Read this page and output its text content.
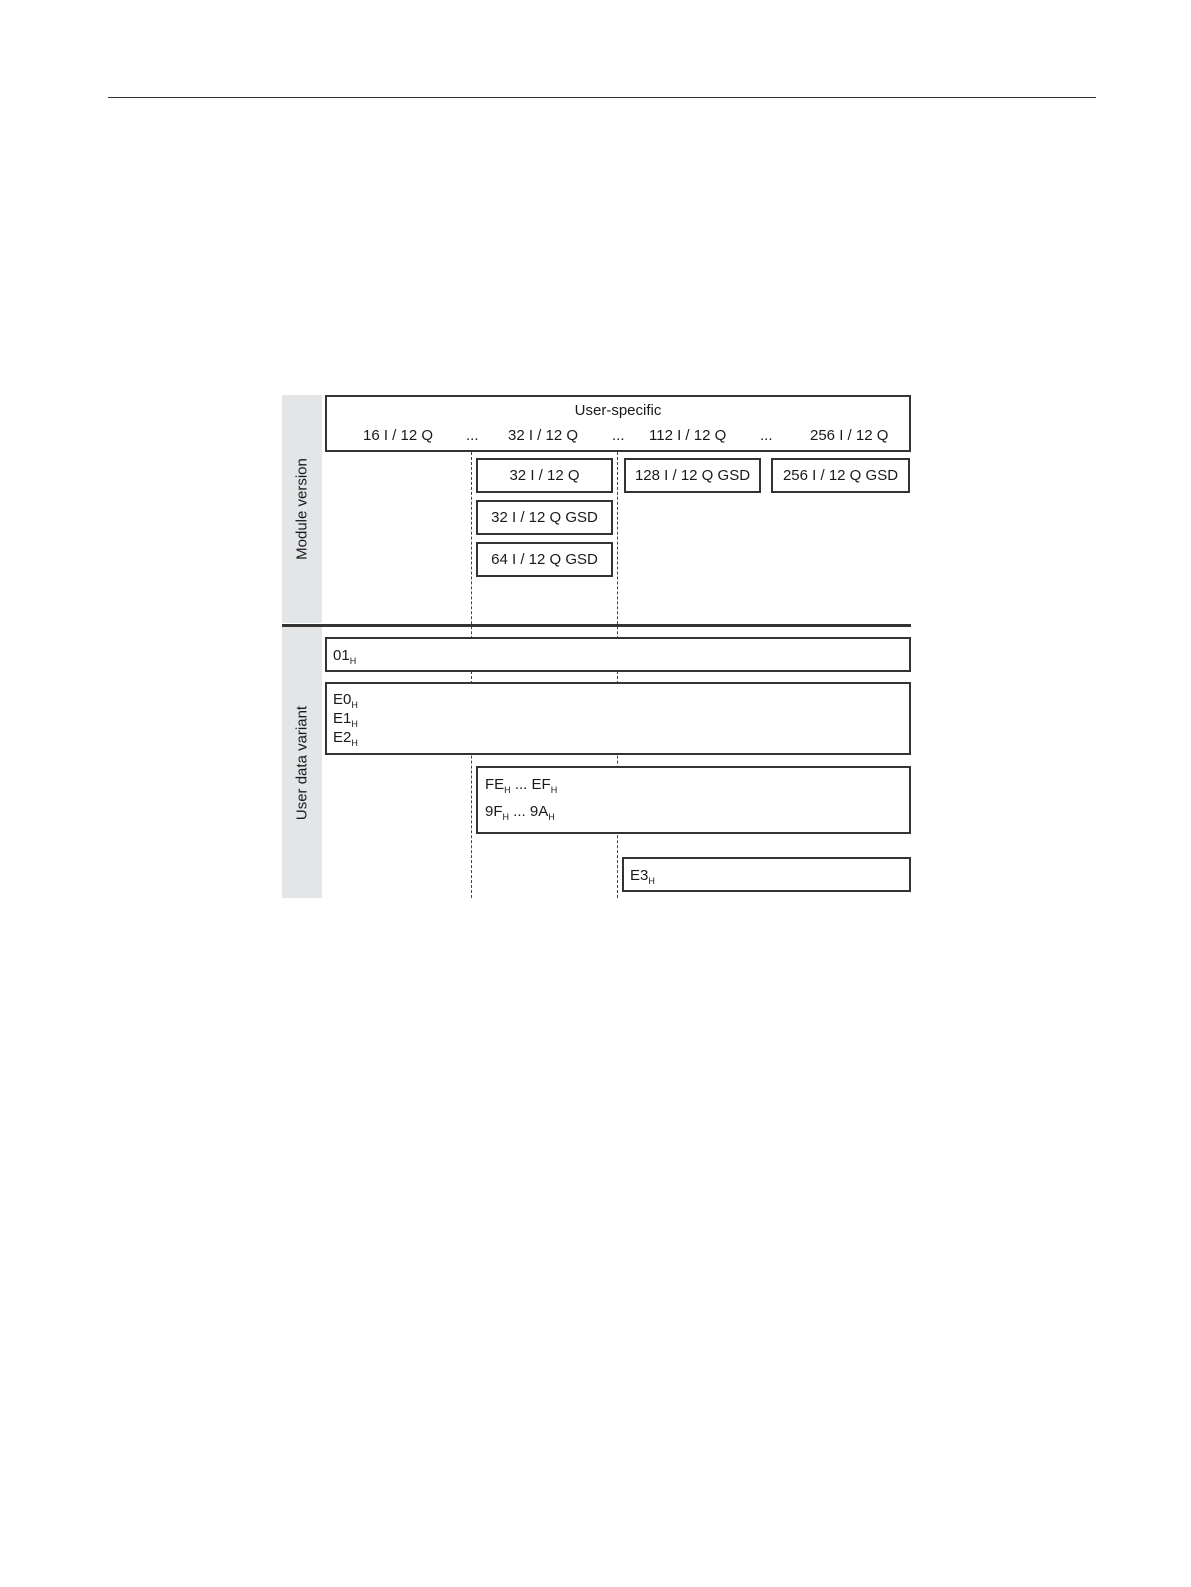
Module version
User data variant
User-specific
16 I / 12 Q ... 32 I / 12 Q ... 112 I / 12 Q ... 256 I / 12 Q
32 I / 12 Q
32 I / 12 Q GSD
64 I / 12 Q GSD
128 I / 12 Q GSD	256 I / 12 Q GSD
$01_H$
$E0_H$
$E1_H$
$E2_H$
$FE_H$ ... $EF_H$
$9F_H$ ... $9A_H$
$E3_H$
